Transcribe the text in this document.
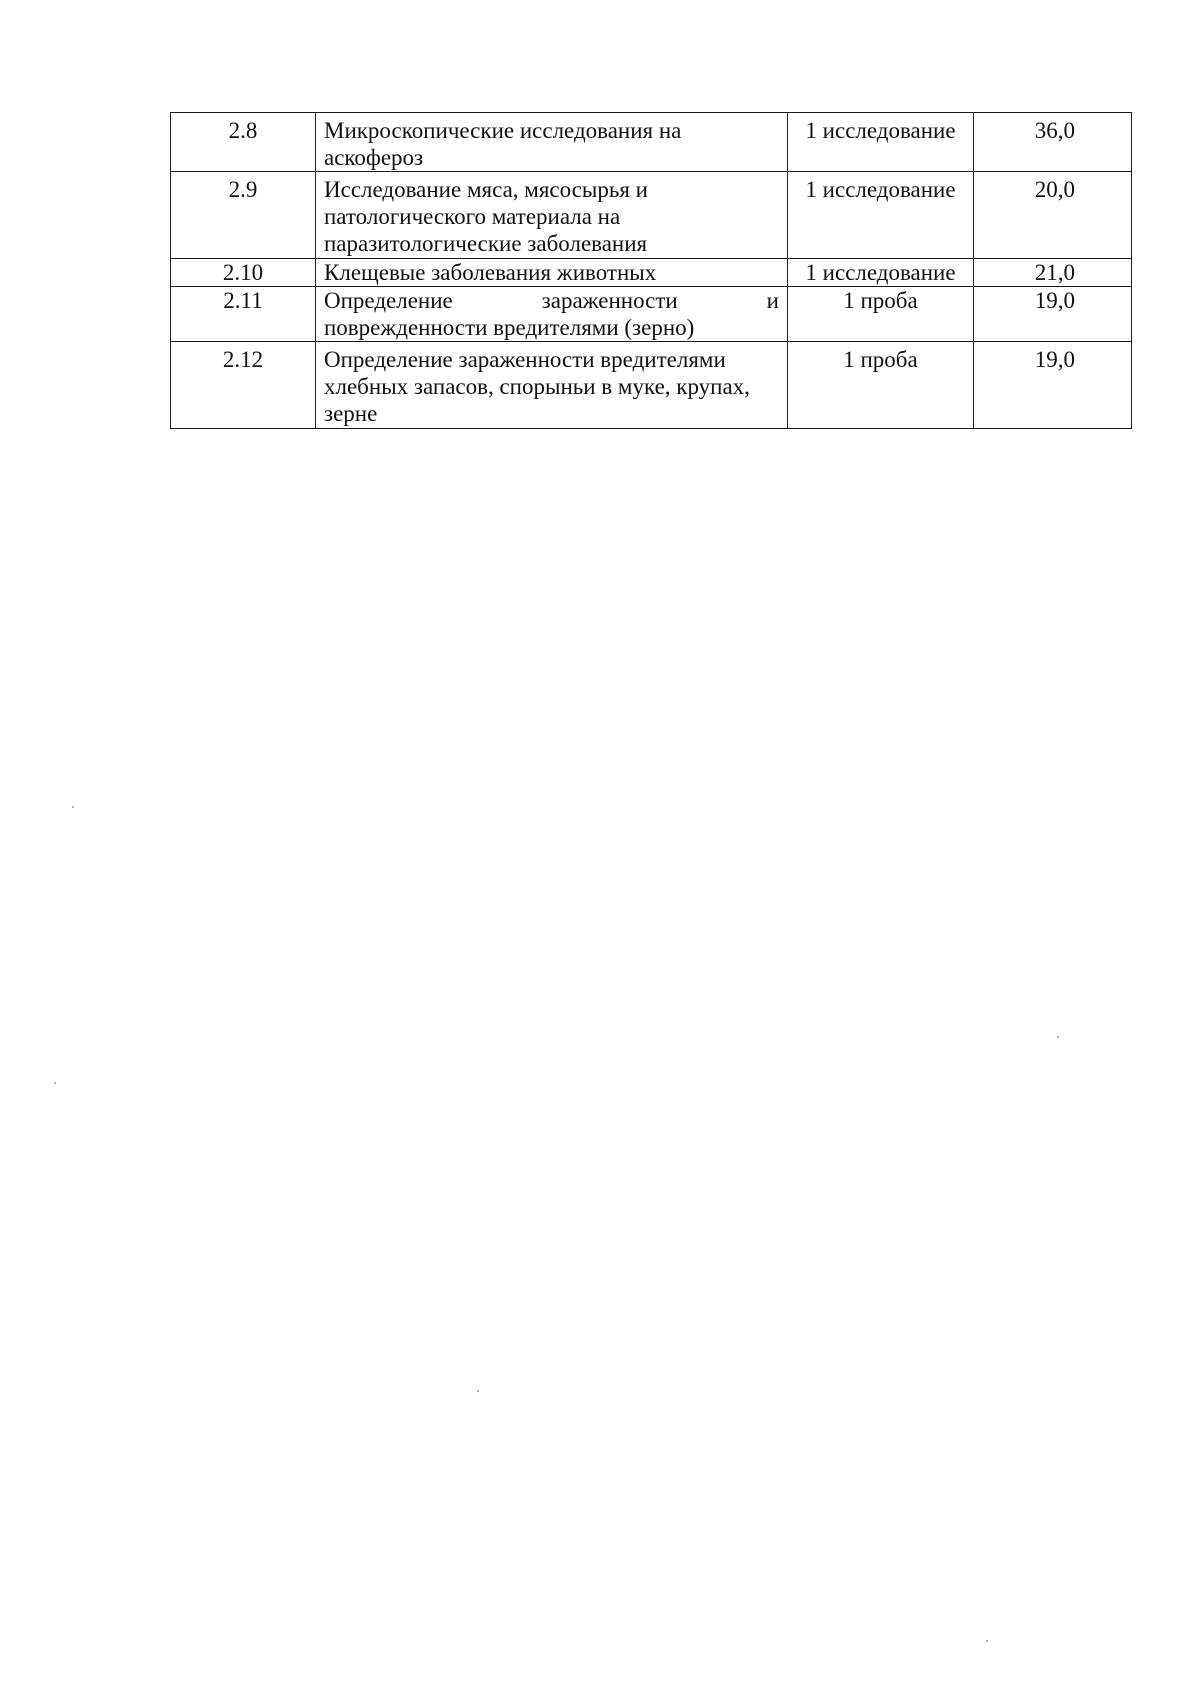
2.8	Микроскопические исследования на аскофероз	1 исследование	36,0
2.9	Исследование мяса, мясосырья и патологического материала на паразитологические заболевания	1 исследование	20,0
2.10	Клещевые заболевания животных	1 исследование	21,0
2.11	Определение зараженности и поврежденности вредителями (зерно)	1 проба	19,0
2.12	Определение зараженности вредителями хлебных запасов, спорыньи в муке, крупах, зерне	1 проба	19,0
